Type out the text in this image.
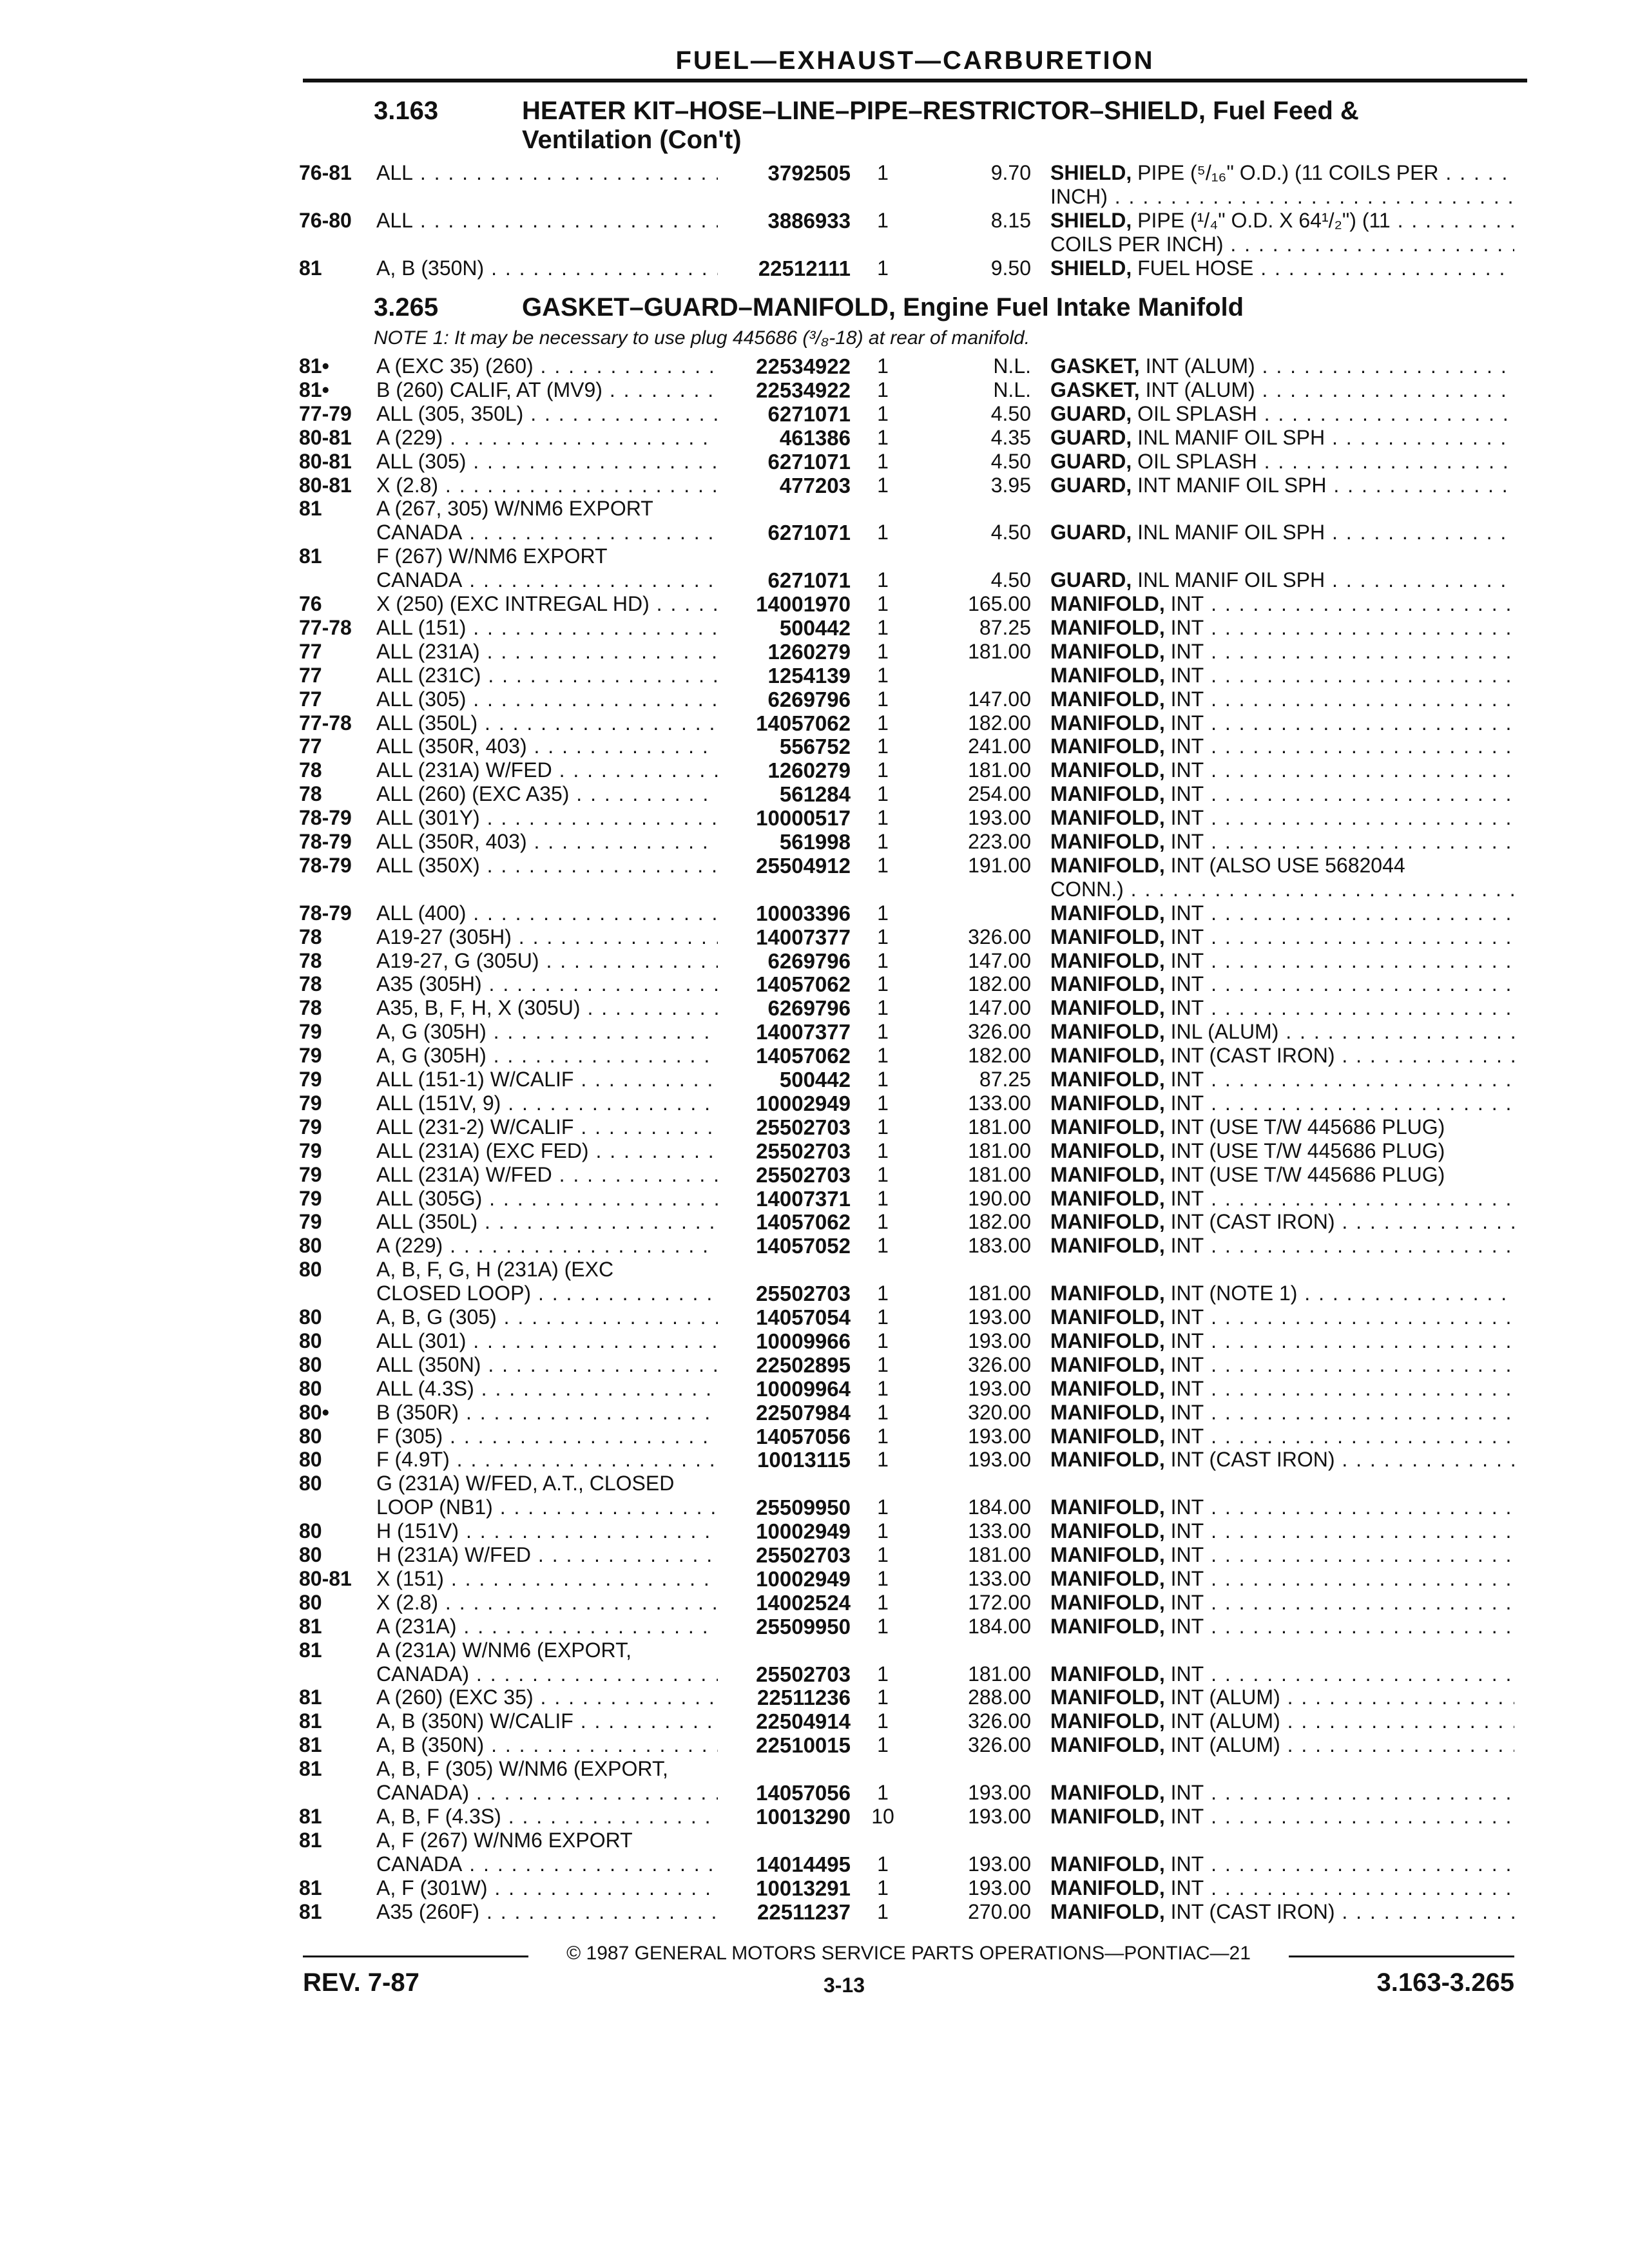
FUEL—EXHAUST—CARBURETION
3.163	HEATER KIT–HOSE–LINE–PIPE–RESTRICTOR–SHIELD, Fuel Feed &
Ventilation (Con't)
3.265	GASKET–GUARD–MANIFOLD, Engine Fuel Intake Manifold
NOTE 1: It may be necessary to use plug 445686 (³/₈-18) at rear of manifold.
76-81 ALL . . .	3792505	1	9.70 SHIELD, PIPE (⁵/₁₆" O.D.) (11 COILS PER . . .
INCH) . . .
76-80 ALL . . .	3886933	1	8.15 SHIELD, PIPE (¹/₄" O.D. X 64¹/₂") (11 . . .
COILS PER INCH) . . .
81	A, B (350N) . . .	22512111	1	9.50 SHIELD, FUEL HOSE . . .
81• A (EXC 35) (260) . . .	22534922	1	N.L. GASKET, INT (ALUM) . . .
81• B (260) CALIF, AT (MV9) . . .	22534922	1	N.L. GASKET, INT (ALUM) . . .
77-79 ALL (305, 350L) . . .	6271071	1	4.50 GUARD, OIL SPLASH . . .
80-81 A (229) . . .	461386	1	4.35 GUARD, INL MANIF OIL SPH . . .
80-81 ALL (305) . . .	6271071	1	4.50 GUARD, OIL SPLASH . . .
80-81 X (2.8) . . .	477203	1	3.95 GUARD, INT MANIF OIL SPH . . .
81	A (267, 305) W/NM6 EXPORT
CANADA . . .	6271071	1	4.50 GUARD, INL MANIF OIL SPH . . .
81	F (267) W/NM6 EXPORT
CANADA . . .	6271071	1	4.50 GUARD, INL MANIF OIL SPH . . .
76	X (250) (EXC INTREGAL HD) . . .	14001970	1	165.00 MANIFOLD, INT . . .
77-78 ALL (151) . . .	500442	1	87.25 MANIFOLD, INT . . .
77	ALL (231A) . . .	1260279	1	181.00 MANIFOLD, INT . . .
77	ALL (231C) . . .	1254139	1	MANIFOLD, INT . . .
77	ALL (305) . . .	6269796	1	147.00 MANIFOLD, INT . . .
77-78 ALL (350L) . . .	14057062	1	182.00 MANIFOLD, INT . . .
77	ALL (350R, 403) . . .	556752	1	241.00 MANIFOLD, INT . . .
78	ALL (231A) W/FED . . .	1260279	1	181.00 MANIFOLD, INT . . .
78	ALL (260) (EXC A35) . . .	561284	1	254.00 MANIFOLD, INT . . .
78-79 ALL (301Y) . . .	10000517	1	193.00 MANIFOLD, INT . . .
78-79 ALL (350R, 403) . . .	561998	1	223.00 MANIFOLD, INT . . .
78-79 ALL (350X) . . .	25504912	1	191.00 MANIFOLD, INT (ALSO USE 5682044
CONN.) . . .
78-79 ALL (400) . . .	10003396	1	MANIFOLD, INT . . .
78	A19-27 (305H) . . .	14007377	1	326.00 MANIFOLD, INT . . .
78	A19-27, G (305U) . . .	6269796	1	147.00 MANIFOLD, INT . . .
78	A35 (305H) . . .	14057062	1	182.00 MANIFOLD, INT . . .
78	A35, B, F, H, X (305U) . . .	6269796	1	147.00 MANIFOLD, INT . . .
79	A, G (305H) . . .	14007377	1	326.00 MANIFOLD, INL (ALUM) . . .
79	A, G (305H) . . .	14057062	1	182.00 MANIFOLD, INT (CAST IRON) . . .
79	ALL (151-1) W/CALIF . . .	500442	1	87.25 MANIFOLD, INT . . .
79	ALL (151V, 9) . . .	10002949	1	133.00 MANIFOLD, INT . . .
79	ALL (231-2) W/CALIF . . .	25502703	1	181.00 MANIFOLD, INT (USE T/W 445686 PLUG)
79	ALL (231A) (EXC FED) . . .	25502703	1	181.00 MANIFOLD, INT (USE T/W 445686 PLUG)
79	ALL (231A) W/FED . . .	25502703	1	181.00 MANIFOLD, INT (USE T/W 445686 PLUG)
79	ALL (305G) . . .	14007371	1	190.00 MANIFOLD, INT . . .
79	ALL (350L) . . .	14057062	1	182.00 MANIFOLD, INT (CAST IRON) . . .
80	A (229) . . .	14057052	1	183.00 MANIFOLD, INT . . .
80	A, B, F, G, H (231A) (EXC
CLOSED LOOP) . . .	25502703	1	181.00 MANIFOLD, INT (NOTE 1) . . .
80	A, B, G (305) . . .	14057054	1	193.00 MANIFOLD, INT . . .
80	ALL (301) . . .	10009966	1	193.00 MANIFOLD, INT . . .
80	ALL (350N) . . .	22502895	1	326.00 MANIFOLD, INT . . .
80	ALL (4.3S) . . .	10009964	1	193.00 MANIFOLD, INT . . .
80• B (350R) . . .	22507984	1	320.00 MANIFOLD, INT . . .
80	F (305) . . .	14057056	1	193.00 MANIFOLD, INT . . .
80	F (4.9T) . . .	10013115	1	193.00 MANIFOLD, INT (CAST IRON) . . .
80	G (231A) W/FED, A.T., CLOSED
LOOP (NB1) . . .	25509950	1	184.00 MANIFOLD, INT . . .
80	H (151V) . . .	10002949	1	133.00 MANIFOLD, INT . . .
80	H (231A) W/FED . . .	25502703	1	181.00 MANIFOLD, INT . . .
80-81 X (151) . . .	10002949	1	133.00 MANIFOLD, INT . . .
80	X (2.8) . . .	14002524	1	172.00 MANIFOLD, INT . . .
81	A (231A) . . .	25509950	1	184.00 MANIFOLD, INT . . .
81	A (231A) W/NM6 (EXPORT,
CANADA) . . .	25502703	1	181.00 MANIFOLD, INT . . .
81	A (260) (EXC 35) . . .	22511236	1	288.00 MANIFOLD, INT (ALUM) . . .
81	A, B (350N) W/CALIF . . .	22504914	1	326.00 MANIFOLD, INT (ALUM) . . .
81	A, B (350N) . . .	22510015	1	326.00 MANIFOLD, INT (ALUM) . . .
81	A, B, F (305) W/NM6 (EXPORT,
CANADA) . . .	14057056	1	193.00 MANIFOLD, INT . . .
81	A, B, F (4.3S) . . .	10013290	10	193.00 MANIFOLD, INT . . .
81	A, F (267) W/NM6 EXPORT
CANADA . . .	14014495	1	193.00 MANIFOLD, INT . . .
81	A, F (301W) . . .	10013291	1	193.00 MANIFOLD, INT . . .
81	A35 (260F) . . .	22511237	1	270.00 MANIFOLD, INT (CAST IRON) . . .
© 1987 GENERAL MOTORS SERVICE PARTS OPERATIONS—PONTIAC—21
REV. 7-87	3-13	3.163-3.265
